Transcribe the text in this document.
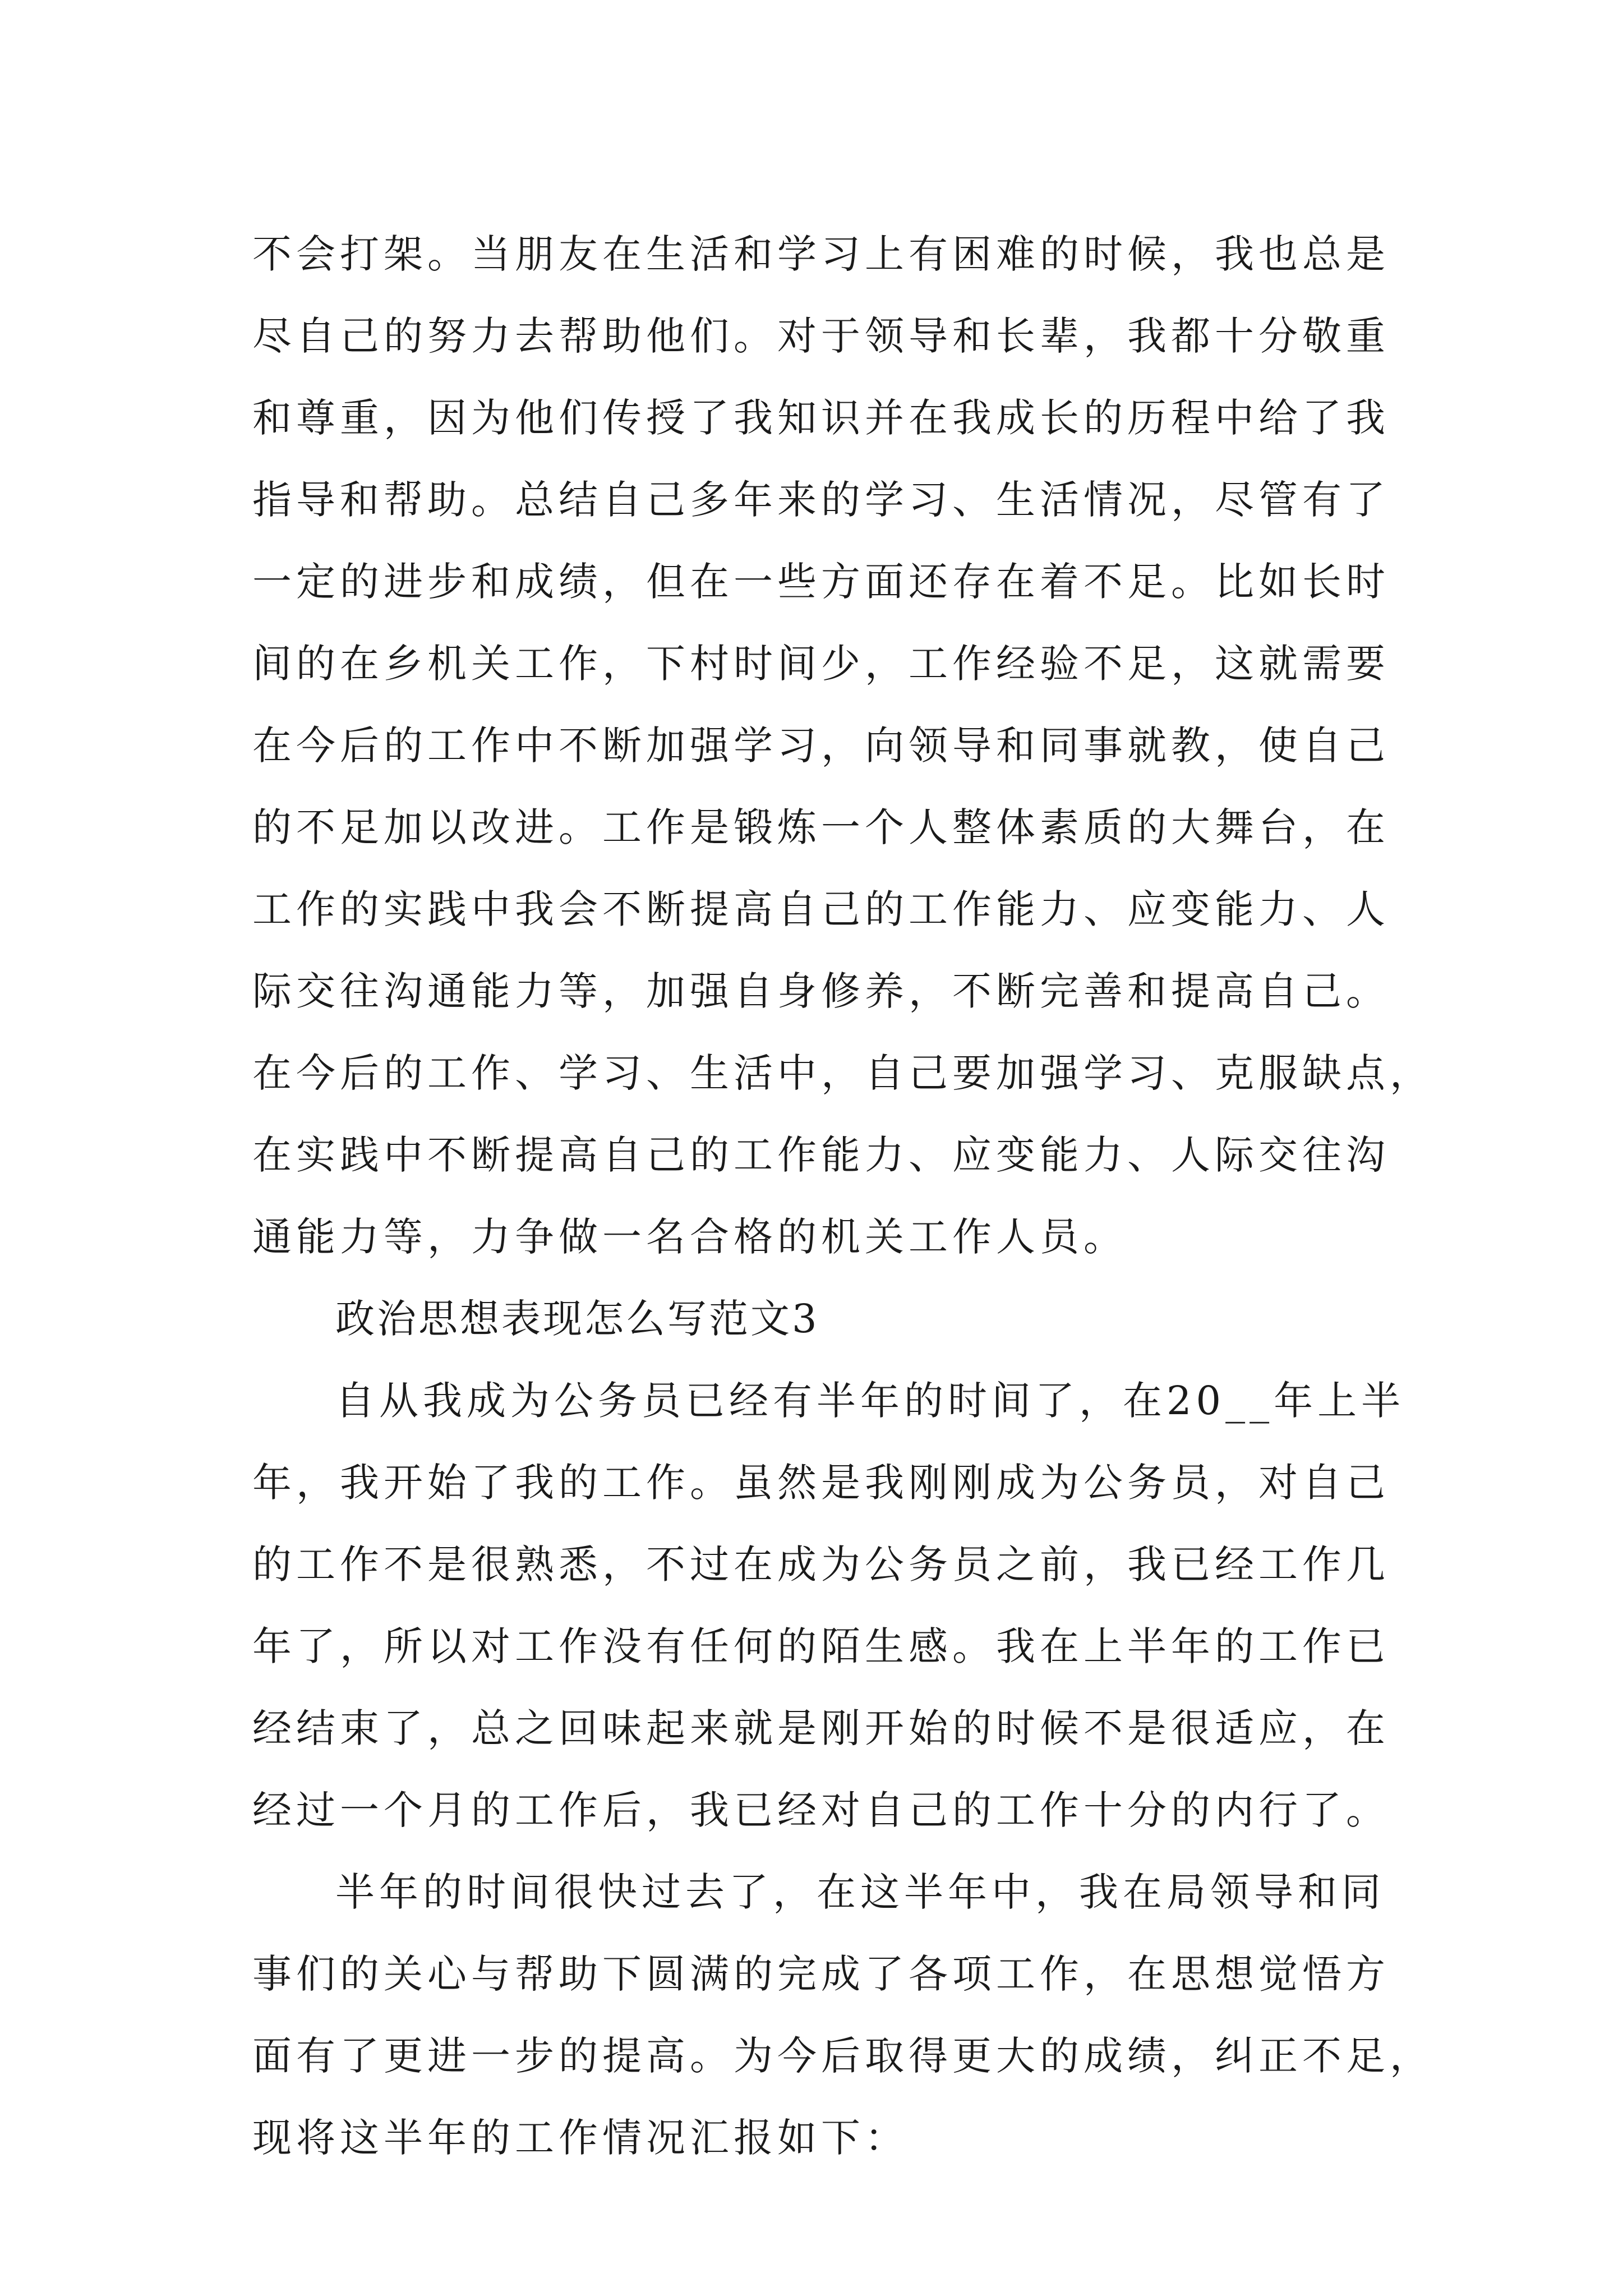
不会打架。当朋友在生活和学习上有困难的时候，我也总是
尽自己的努力去帮助他们。对于领导和长辈，我都十分敬重
和尊重，因为他们传授了我知识并在我成长的历程中给了我
指导和帮助。总结自己多年来的学习、生活情况，尽管有了
一定的进步和成绩，但在一些方面还存在着不足。比如长时
间的在乡机关工作，下村时间少，工作经验不足，这就需要
在今后的工作中不断加强学习，向领导和同事就教，使自己
的不足加以改进。工作是锻炼一个人整体素质的大舞台，在
工作的实践中我会不断提高自己的工作能力、应变能力、人
际交往沟通能力等，加强自身修养，不断完善和提高自己。
在今后的工作、学习、生活中，自己要加强学习、克服缺点，
在实践中不断提高自己的工作能力、应变能力、人际交往沟
通能力等，力争做一名合格的机关工作人员。
政治思想表现怎么写范文3
自从我成为公务员已经有半年的时间了，在20__年上半
年，我开始了我的工作。虽然是我刚刚成为公务员，对自己
的工作不是很熟悉，不过在成为公务员之前，我已经工作几
年了，所以对工作没有任何的陌生感。我在上半年的工作已
经结束了，总之回味起来就是刚开始的时候不是很适应，在
经过一个月的工作后，我已经对自己的工作十分的内行了。
半年的时间很快过去了，在这半年中，我在局领导和同
事们的关心与帮助下圆满的完成了各项工作，在思想觉悟方
面有了更进一步的提高。为今后取得更大的成绩，纠正不足，
现将这半年的工作情况汇报如下：
